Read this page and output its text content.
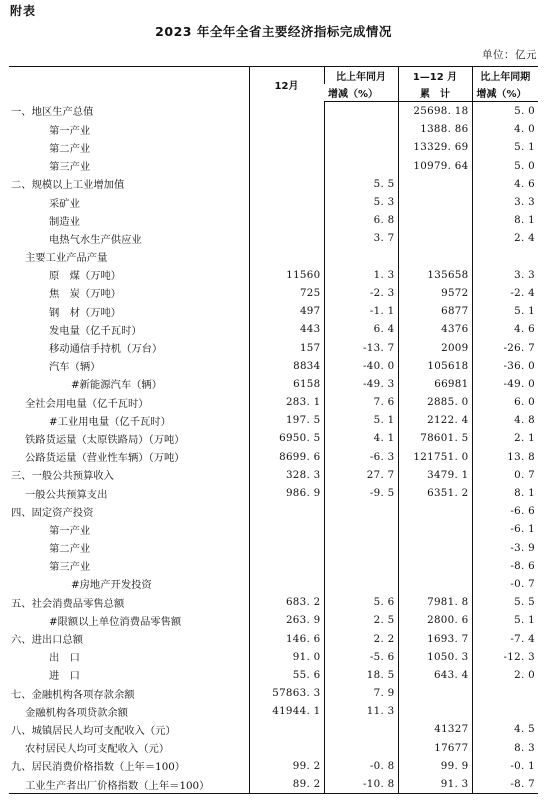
附表
2023 年全年全省主要经济指标完成情况
单位：亿元
	12月	比上年同月	1—12 月	比上年同期
		增减（%）	累　计	增减（%）
一、地区生产总值			25698. 18	5. 0
第一产业			1388. 86	4. 0
第二产业			13329. 69	5. 1
第三产业			10979. 64	5. 0
二、规模以上工业增加值		5. 5		4. 6
采矿业		5. 3		3. 3
制造业		6. 8		8. 1
电热气水生产供应业		3. 7		2. 4
主要工业产品产量				
原　煤（万吨）	11560	1. 3	135658	3. 3
焦　炭（万吨）	725	-2. 3	9572	-2. 4
钢　材（万吨）	497	-1. 1	6877	5. 1
发电量（亿千瓦时）	443	6. 4	4376	4. 6
移动通信手持机（万台）	157	-13. 7	2009	-26. 7
汽车（辆）	8834	-40. 0	105618	-36. 0
#新能源汽车（辆）	6158	-49. 3	66981	-49. 0
全社会用电量（亿千瓦时）	283. 1	7. 6	2885. 0	6. 0
#工业用电量（亿千瓦时）	197. 5	5. 1	2122. 4	4. 8
铁路货运量（太原铁路局）（万吨）	6950. 5	4. 1	78601. 5	2. 1
公路货运量（营业性车辆）（万吨）	8699. 6	-6. 3	121751. 0	13. 8
三、一般公共预算收入	328. 3	27. 7	3479. 1	0. 7
一般公共预算支出	986. 9	-9. 5	6351. 2	8. 1
四、固定资产投资				-6. 6
第一产业				-6. 1
第二产业				-3. 9
第三产业				-8. 6
#房地产开发投资				-0. 7
五、社会消费品零售总额	683. 2	5. 6	7981. 8	5. 5
#限额以上单位消费品零售额	263. 9	2. 5	2800. 6	5. 1
六、进出口总额	146. 6	2. 2	1693. 7	-7. 4
出　口	91. 0	-5. 6	1050. 3	-12. 3
进　口	55. 6	18. 5	643. 4	2. 0
七、金融机构各项存款余额	57863. 3	7. 9		
金融机构各项贷款余额	41944. 1	11. 3		
八、城镇居民人均可支配收入（元）			41327	4. 5
农村居民人均可支配收入（元）			17677	8. 3
九、居民消费价格指数（上年＝100）	99. 2	-0. 8	99. 9	-0. 1
工业生产者出厂价格指数（上年＝100）	89. 2	-10. 8	91. 3	-8. 7
